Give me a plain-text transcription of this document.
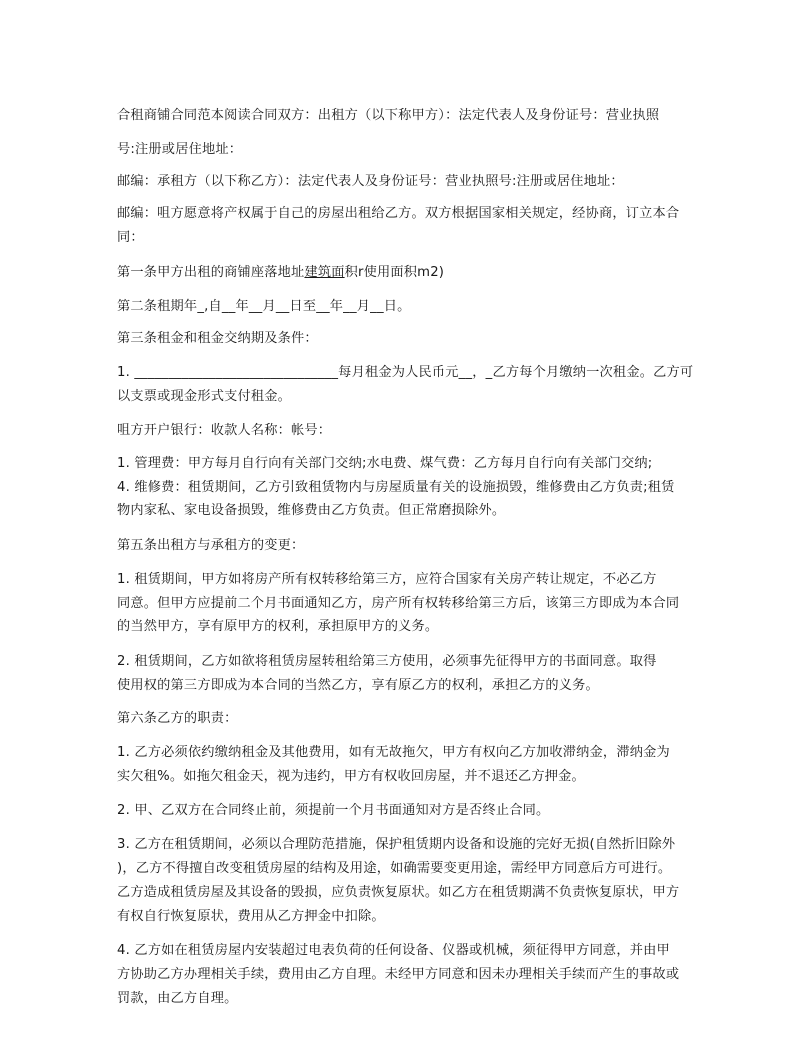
合租商铺合同范本阅读合同双方：出租方（以下称甲方）：法定代表人及身份证号：营业执照
号:注册或居住地址：
邮编：承租方（以下称乙方）：法定代表人及身份证号：营业执照号:注册或居住地址：
邮编：咀方愿意将产权属于自己的房屋出租给乙方。双方根据国家相关规定，经协商，订立本合
同：
第一条甲方出租的商铺座落地址建筑面积r使用面积m2)
第二条租期年_,自__年__月__日至__年__月__日。
第三条租金和租金交纳期及条件：
1. ______________________________每月租金为人民币元__，_乙方每个月缴纳一次租金。乙方可
以支票或现金形式支付租金。
咀方开户银行：收款人名称：帐号：
1. 管理费：甲方每月自行向有关部门交纳;水电费、煤气费：乙方每月自行向有关部门交纳;
4. 维修费：租赁期间，乙方引致租赁物内与房屋质量有关的设施损毁，维修费由乙方负责;租赁
物内家私、家电设备损毁，维修费由乙方负责。但正常磨损除外。
第五条出租方与承租方的变更：
1. 租赁期间，甲方如将房产所有权转移给第三方，应符合国家有关房产转让规定，不必乙方
同意。但甲方应提前二个月书面通知乙方，房产所有权转移给第三方后，该第三方即成为本合同
的当然甲方，享有原甲方的权利，承担原甲方的义务。
2. 租赁期间，乙方如欲将租赁房屋转租给第三方使用，必须事先征得甲方的书面同意。取得
使用权的第三方即成为本合同的当然乙方，享有原乙方的权利，承担乙方的义务。
第六条乙方的职责：
1. 乙方必须依约缴纳租金及其他费用，如有无故拖欠，甲方有权向乙方加收滞纳金，滞纳金为
实欠租%。如拖欠租金天，视为违约，甲方有权收回房屋，并不退还乙方押金。
2. 甲、乙双方在合同终止前，须提前一个月书面通知对方是否终止合同。
3. 乙方在租赁期间，必须以合理防范措施，保护租赁期内设备和设施的完好无损(自然折旧除外
)，乙方不得擅自改变租赁房屋的结构及用途，如确需要变更用途，需经甲方同意后方可进行。
乙方造成租赁房屋及其设备的毁损，应负责恢复原状。如乙方在租赁期满不负责恢复原状，甲方
有权自行恢复原状，费用从乙方押金中扣除。
4. 乙方如在租赁房屋内安装超过电表负荷的任何设备、仪器或机械，须征得甲方同意，并由甲
方协助乙方办理相关手续，费用由乙方自理。未经甲方同意和因未办理相关手续而产生的事故或
罚款，由乙方自理。
